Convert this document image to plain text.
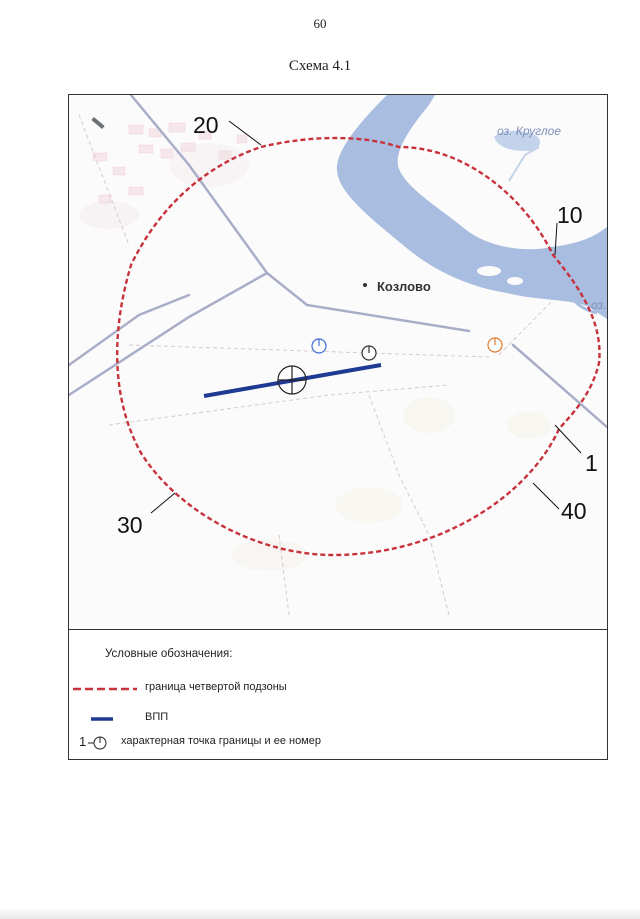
60
Схема 4.1
Козлово
оз. Круглое
оз.
20
10
1
40
30
Условные обозначения:
граница четвертой подзоны
ВПП
1	характерная точка границы и ее номер
